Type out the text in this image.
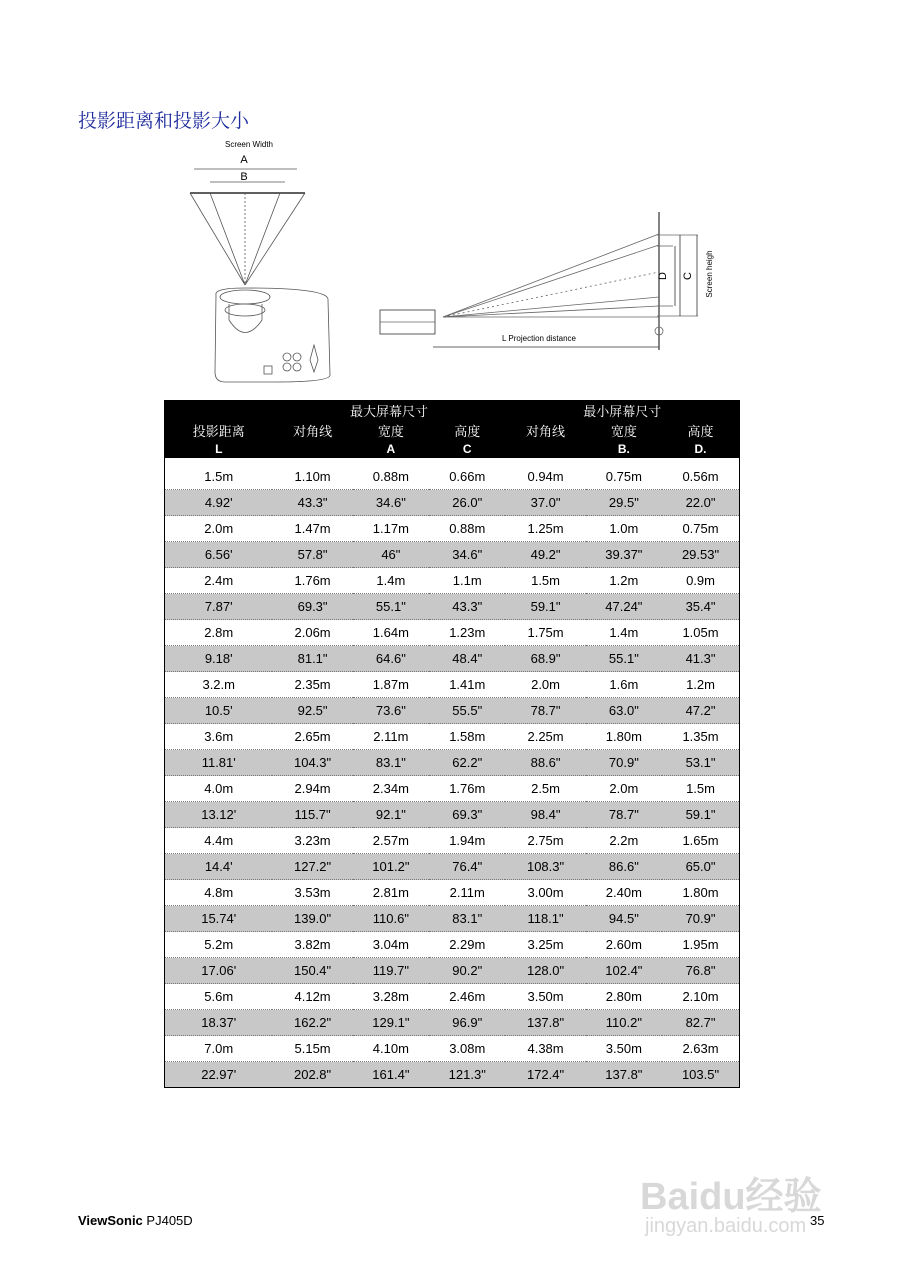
投影距离和投影大小
Screen Width
A
B
L Projection distance
D C Screen heigh
	最大屏幕尺寸			最小屏幕尺寸		
投影距离	对角线	宽度	高度	对角线	宽度	高度
L		A	C		B.	D.

1.5m	1.10m	0.88m	0.66m	0.94m	0.75m	0.56m
4.92'	43.3"	34.6"	26.0"	37.0"	29.5"	22.0"
2.0m	1.47m	1.17m	0.88m	1.25m	1.0m	0.75m
6.56'	57.8"	46"	34.6"	49.2"	39.37"	29.53"
2.4m	1.76m	1.4m	1.1m	1.5m	1.2m	0.9m
7.87'	69.3"	55.1"	43.3"	59.1"	47.24"	35.4"
2.8m	2.06m	1.64m	1.23m	1.75m	1.4m	1.05m
9.18'	81.1"	64.6"	48.4"	68.9"	55.1"	41.3"
3.2.m	2.35m	1.87m	1.41m	2.0m	1.6m	1.2m
10.5'	92.5"	73.6"	55.5"	78.7"	63.0"	47.2"
3.6m	2.65m	2.11m	1.58m	2.25m	1.80m	1.35m
11.81'	104.3"	83.1"	62.2"	88.6"	70.9"	53.1"
4.0m	2.94m	2.34m	1.76m	2.5m	2.0m	1.5m
13.12'	115.7"	92.1"	69.3"	98.4"	78.7"	59.1"
4.4m	3.23m	2.57m	1.94m	2.75m	2.2m	1.65m
14.4'	127.2"	101.2"	76.4"	108.3"	86.6"	65.0"
4.8m	3.53m	2.81m	2.11m	3.00m	2.40m	1.80m
15.74'	139.0"	110.6"	83.1"	118.1"	94.5"	70.9"
5.2m	3.82m	3.04m	2.29m	3.25m	2.60m	1.95m
17.06'	150.4"	119.7"	90.2"	128.0"	102.4"	76.8"
5.6m	4.12m	3.28m	2.46m	3.50m	2.80m	2.10m
18.37'	162.2"	129.1"	96.9"	137.8"	110.2"	82.7"
7.0m	5.15m	4.10m	3.08m	4.38m	3.50m	2.63m
22.97'	202.8"	161.4"	121.3"	172.4"	137.8"	103.5"
ViewSonic PJ405D	35
Baidu经验
jingyan.baidu.com
